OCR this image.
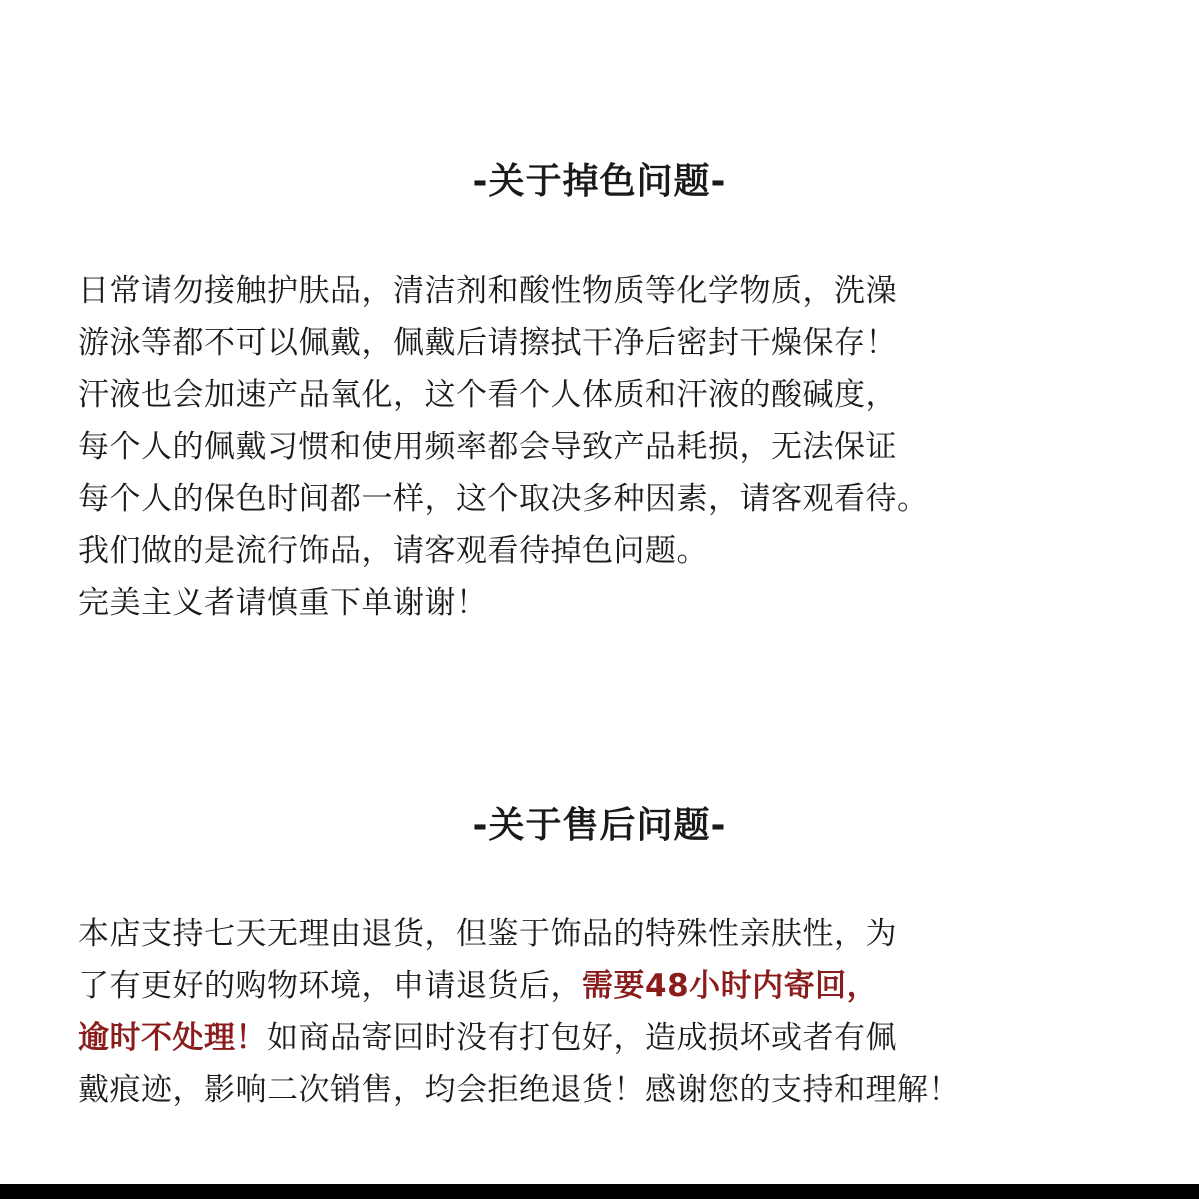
-关于掉色问题-
日常请勿接触护肤品，清洁剂和酸性物质等化学物质，洗澡
游泳等都不可以佩戴，佩戴后请擦拭干净后密封干燥保存！
汗液也会加速产品氧化，这个看个人体质和汗液的酸碱度，
每个人的佩戴习惯和使用频率都会导致产品耗损，无法保证
每个人的保色时间都一样，这个取决多种因素，请客观看待。
我们做的是流行饰品，请客观看待掉色问题。
完美主义者请慎重下单谢谢！
-关于售后问题-
本店支持七天无理由退货，但鉴于饰品的特殊性亲肤性，为
了有更好的购物环境，申请退货后，需要48小时内寄回，
逾时不处理！如商品寄回时没有打包好，造成损坏或者有佩
戴痕迹，影响二次销售，均会拒绝退货！感谢您的支持和理解！
